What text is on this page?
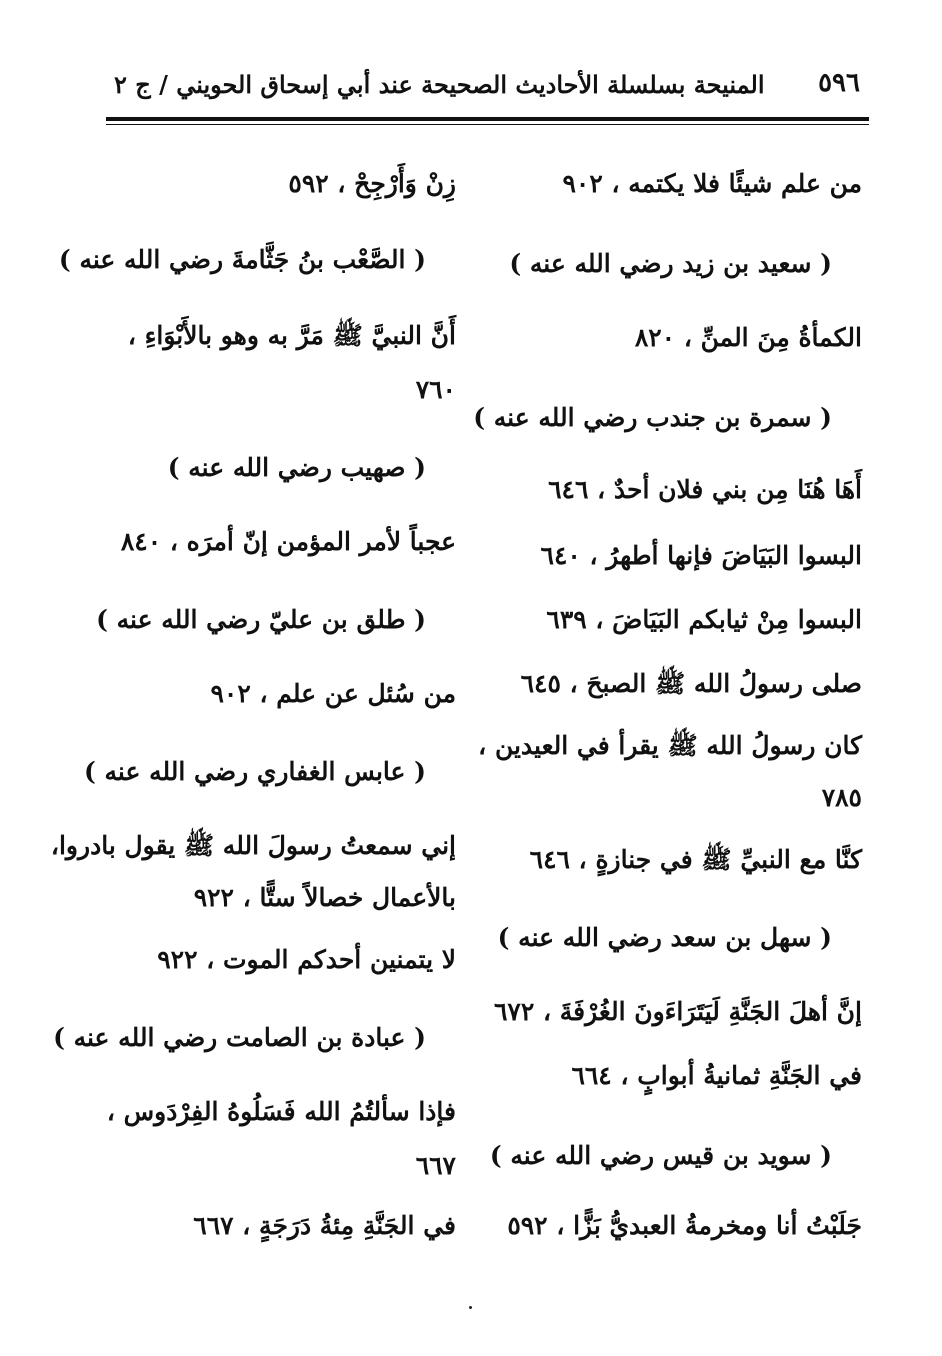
٥٩٦
المنيحة بسلسلة الأحاديث الصحيحة عند أبي إسحاق الحويني / ج ٢
من علم شيئًا فلا يكتمه ، ٩٠٢
( سعيد بن زيد رضي الله عنه )
الكمأةُ مِنَ المنِّ ، ٨٢٠
( سمرة بن جندب رضي الله عنه )
أَهَا هُنَا مِن بني فلان أحدٌ ، ٦٤٦
البسوا البَيَاضَ فإنها أطهرُ ، ٦٤٠
البسوا مِنْ ثيابكم البَيَاضَ ، ٦٣٩
صلى رسولُ الله ﷺ الصبحَ ، ٦٤٥
كان رسولُ الله ﷺ يقرأ في العيدين ،
٧٨٥
كنَّا مع النبيِّ ﷺ في جنازةٍ ، ٦٤٦
( سهل بن سعد رضي الله عنه )
إنَّ أهلَ الجَنَّةِ لَيَتَرَاءَونَ الغُرْفَةَ ، ٦٧٢
في الجَنَّةِ ثمانيةُ أبوابٍ ، ٦٦٤
( سويد بن قيس رضي الله عنه )
جَلَبْتُ أنا ومخرمةُ العبديُّ بَزًّا ، ٥٩٢
زِنْ وَأَرْجِحْ ، ٥٩٢
( الصَّعْب بنُ جَثَّامةَ رضي الله عنه )
أَنَّ النبيَّ ﷺ مَرَّ به وهو بالأَبْوَاءِ ،
٧٦٠
( صهيب رضي الله عنه )
عجباً لأمر المؤمن إنّ أمرَه ، ٨٤٠
( طلق بن عليّ رضي الله عنه )
من سُئل عن علم ، ٩٠٢
( عابس الغفاري رضي الله عنه )
إني سمعتُ رسولَ الله ﷺ يقول بادروا،
بالأعمال خصالاً ستًّا ، ٩٢٢
لا يتمنين أحدكم الموت ، ٩٢٢
( عبادة بن الصامت رضي الله عنه )
فإذا سألتُمُ الله فَسَلُوهُ الفِرْدَوس ،
٦٦٧
في الجَنَّةِ مِئةُ دَرَجَةٍ ، ٦٦٧
